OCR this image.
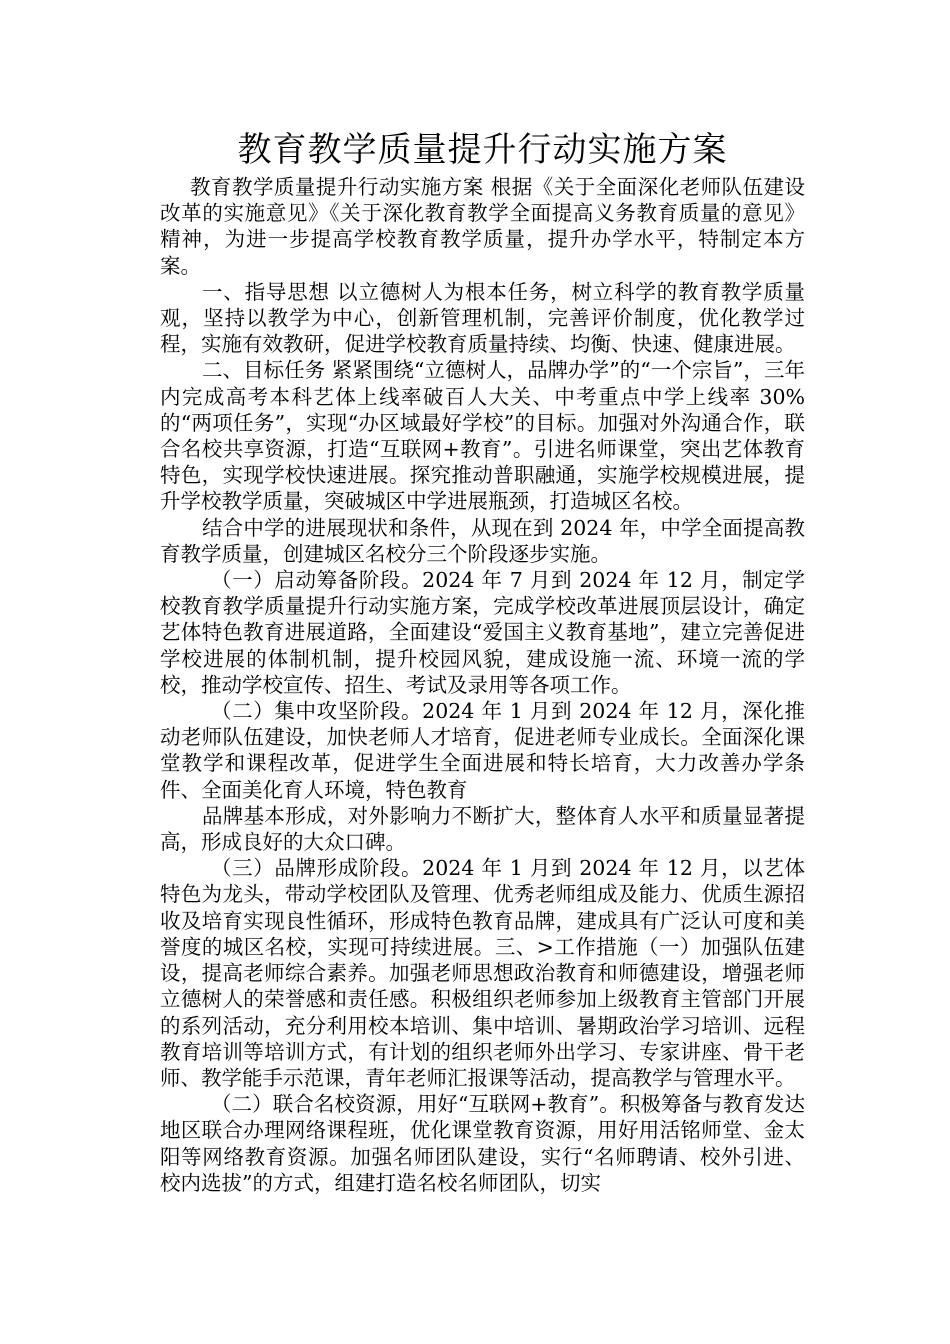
教育教学质量提升行动实施方案

教育教学质量提升行动实施方案 根据《关于全面深化老师队伍建设改革的实施意见》《关于深化教育教学全面提高义务教育质量的意见》精神，为进一步提高学校教育教学质量，提升办学水平，特制定本方案。

一、指导思想 以立德树人为根本任务，树立科学的教育教学质量观，坚持以教学为中心，创新管理机制，完善评价制度，优化教学过程，实施有效教研，促进学校教育质量持续、均衡、快速、健康进展。

二、目标任务 紧紧围绕“立德树人，品牌办学”的“一个宗旨”，三年内完成高考本科艺体上线率破百人大关、中考重点中学上线率 30%的“两项任务”，实现“办区域最好学校”的目标。加强对外沟通合作，联合名校共享资源，打造“互联网+教育”。引进名师课堂，突出艺体教育特色，实现学校快速进展。探究推动普职融通，实施学校规模进展，提升学校教学质量，突破城区中学进展瓶颈，打造城区名校。

结合中学的进展现状和条件，从现在到 2024 年，中学全面提高教育教学质量，创建城区名校分三个阶段逐步实施。

（一）启动筹备阶段。2024 年 7 月到 2024 年 12 月，制定学校教育教学质量提升行动实施方案，完成学校改革进展顶层设计，确定艺体特色教育进展道路，全面建设“爱国主义教育基地”，建立完善促进学校进展的体制机制，提升校园风貌，建成设施一流、环境一流的学校，推动学校宣传、招生、考试及录用等各项工作。

（二）集中攻坚阶段。2024 年 1 月到 2024 年 12 月，深化推动老师队伍建设，加快老师人才培育，促进老师专业成长。全面深化课堂教学和课程改革，促进学生全面进展和特长培育，大力改善办学条件、全面美化育人环境，特色教育

品牌基本形成，对外影响力不断扩大，整体育人水平和质量显著提高，形成良好的大众口碑。

（三）品牌形成阶段。2024 年 1 月到 2024 年 12 月，以艺体特色为龙头，带动学校团队及管理、优秀老师组成及能力、优质生源招收及培育实现良性循环，形成特色教育品牌，建成具有广泛认可度和美誉度的城区名校，实现可持续进展。三、>工作措施（一）加强队伍建设，提高老师综合素养。加强老师思想政治教育和师德建设，增强老师立德树人的荣誉感和责任感。积极组织老师参加上级教育主管部门开展的系列活动，充分利用校本培训、集中培训、暑期政治学习培训、远程教育培训等培训方式，有计划的组织老师外出学习、专家讲座、骨干老师、教学能手示范课，青年老师汇报课等活动，提高教学与管理水平。

（二）联合名校资源，用好“互联网+教育”。积极筹备与教育发达地区联合办理网络课程班，优化课堂教育资源，用好用活铭师堂、金太阳等网络教育资源。加强名师团队建设，实行“名师聘请、校外引进、校内选拔”的方式，组建打造名校名师团队，切实
